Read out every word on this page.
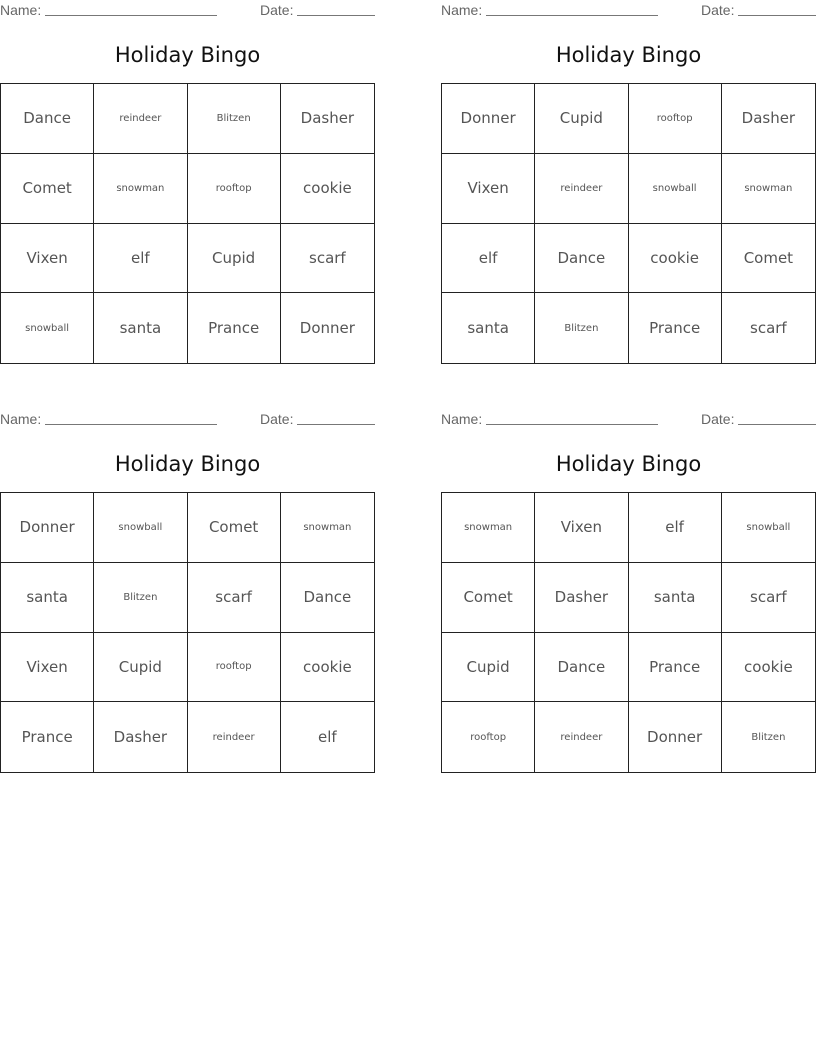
Name:	Date:
Holiday Bingo
Dance	reindeer	Blitzen	Dasher
Comet	snowman	rooftop	cookie
Vixen	elf	Cupid	scarf
snowball	santa	Prance	Donner
Name:	Date:
Holiday Bingo
Donner	Cupid	rooftop	Dasher
Vixen	reindeer	snowball	snowman
elf	Dance	cookie	Comet
santa	Blitzen	Prance	scarf
Name:	Date:
Holiday Bingo
Donner	snowball	Comet	snowman
santa	Blitzen	scarf	Dance
Vixen	Cupid	rooftop	cookie
Prance	Dasher	reindeer	elf
Name:	Date:
Holiday Bingo
snowman	Vixen	elf	snowball
Comet	Dasher	santa	scarf
Cupid	Dance	Prance	cookie
rooftop	reindeer	Donner	Blitzen
